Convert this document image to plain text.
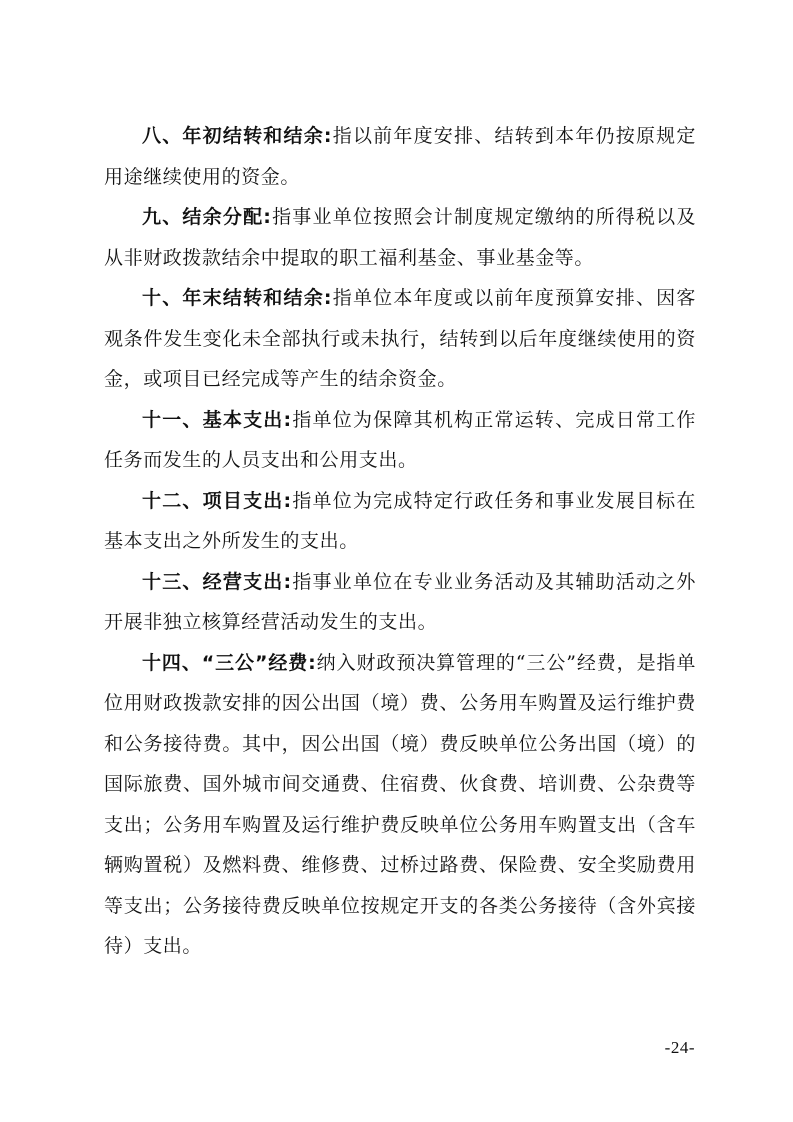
八、年初结转和结余:指以前年度安排、结转到本年仍按原规定用途继续使用的资金。

九、结余分配:指事业单位按照会计制度规定缴纳的所得税以及从非财政拨款结余中提取的职工福利基金、事业基金等。

十、年末结转和结余:指单位本年度或以前年度预算安排、因客观条件发生变化未全部执行或未执行，结转到以后年度继续使用的资金，或项目已经完成等产生的结余资金。

十一、基本支出:指单位为保障其机构正常运转、完成日常工作任务而发生的人员支出和公用支出。

十二、项目支出:指单位为完成特定行政任务和事业发展目标在基本支出之外所发生的支出。

十三、经营支出:指事业单位在专业业务活动及其辅助活动之外开展非独立核算经营活动发生的支出。

十四、“三公”经费:纳入财政预决算管理的“三公”经费，是指单位用财政拨款安排的因公出国（境）费、公务用车购置及运行维护费和公务接待费。其中，因公出国（境）费反映单位公务出国（境）的国际旅费、国外城市间交通费、住宿费、伙食费、培训费、公杂费等支出；公务用车购置及运行维护费反映单位公务用车购置支出（含车辆购置税）及燃料费、维修费、过桥过路费、保险费、安全奖励费用等支出；公务接待费反映单位按规定开支的各类公务接待（含外宾接待）支出。

-24-
